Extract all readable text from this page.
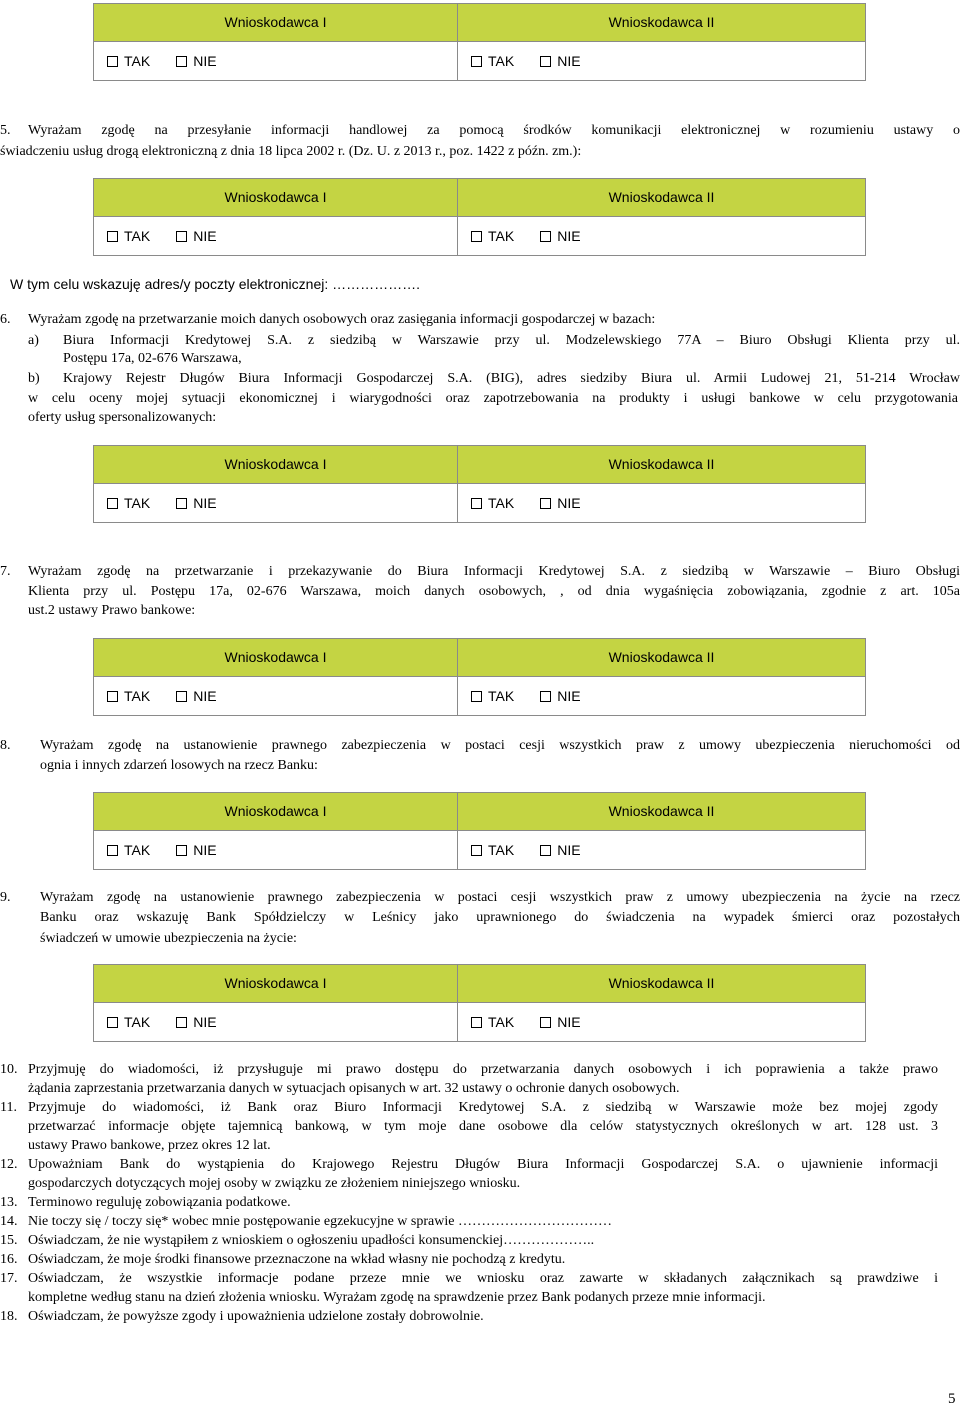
Wnioskodawca I	Wnioskodawca II
TAK	NIE	TAK	NIE
5. Wyrażam zgodę na przesyłanie informacji handlowej za pomocą środków komunikacji elektronicznej w rozumieniu ustawy o
świadczeniu usług drogą elektroniczną z dnia 18 lipca 2002 r. (Dz. U. z 2013 r., poz. 1422 z późn. zm.):
Wnioskodawca I	Wnioskodawca II
TAK	NIE	TAK	NIE
W tym celu wskazuję adres/y poczty elektronicznej: ……………….
6. Wyrażam zgodę na przetwarzanie moich danych osobowych oraz zasięgania informacji gospodarczej w bazach:
a) Biura Informacji Kredytowej S.A. z siedzibą w Warszawie przy ul. Modzelewskiego 77A – Biuro Obsługi Klienta przy ul.
Postępu 17a, 02-676 Warszawa,
b) Krajowy Rejestr Długów Biura Informacji Gospodarczej S.A. (BIG), adres siedziby Biura ul. Armii Ludowej 21, 51-214 Wrocław
w celu oceny mojej sytuacji ekonomicznej i wiarygodności oraz zapotrzebowania na produkty i usługi bankowe w celu przygotowania
oferty usług spersonalizowanych:
Wnioskodawca I	Wnioskodawca II
TAK	NIE	TAK	NIE
7. Wyrażam zgodę na przetwarzanie i przekazywanie do Biura Informacji Kredytowej S.A. z siedzibą w Warszawie – Biuro Obsługi
Klienta przy ul. Postępu 17a, 02-676 Warszawa, moich danych osobowych, , od dnia wygaśnięcia zobowiązania, zgodnie z art. 105a
ust.2 ustawy Prawo bankowe:
Wnioskodawca I	Wnioskodawca II
TAK	NIE	TAK	NIE
8. Wyrażam zgodę na ustanowienie prawnego zabezpieczenia w postaci cesji wszystkich praw z umowy ubezpieczenia nieruchomości od
ognia i innych zdarzeń losowych na rzecz Banku:
Wnioskodawca I	Wnioskodawca II
TAK	NIE	TAK	NIE
9. Wyrażam zgodę na ustanowienie prawnego zabezpieczenia w postaci cesji wszystkich praw z umowy ubezpieczenia na życie na rzecz
Banku oraz wskazuję Bank Spółdzielczy w Leśnicy jako uprawnionego do świadczenia na wypadek śmierci oraz pozostałych
świadczeń w umowie ubezpieczenia na życie:
Wnioskodawca I	Wnioskodawca II
TAK	NIE	TAK	NIE
10. Przyjmuję do wiadomości, iż przysługuje mi prawo dostępu do przetwarzania danych osobowych i ich poprawienia a także prawo
żądania zaprzestania przetwarzania danych w sytuacjach opisanych w art. 32 ustawy o ochronie danych osobowych.
11. Przyjmuje do wiadomości, iż Bank oraz Biuro Informacji Kredytowej S.A. z siedzibą w Warszawie może bez mojej zgody
przetwarzać informacje objęte tajemnicą bankową, w tym moje dane osobowe dla celów statystycznych określonych w art. 128 ust. 3
ustawy Prawo bankowe, przez okres 12 lat.
12. Upoważniam Bank do wystąpienia do Krajowego Rejestru Długów Biura Informacji Gospodarczej S.A. o ujawnienie informacji
gospodarczych dotyczących mojej osoby w związku ze złożeniem niniejszego wniosku.
13. Terminowo reguluję zobowiązania podatkowe.
14. Nie toczy się / toczy się* wobec mnie postępowanie egzekucyjne w sprawie ……………………………
15. Oświadczam, że nie wystąpiłem z wnioskiem o ogłoszeniu upadłości konsumenckiej………………..
16. Oświadczam, że moje środki finansowe przeznaczone na wkład własny nie pochodzą z kredytu.
17. Oświadczam, że wszystkie informacje podane przeze mnie we wniosku oraz zawarte w składanych załącznikach są prawdziwe i
kompletne według stanu na dzień złożenia wniosku. Wyrażam zgodę na sprawdzenie przez Bank podanych przeze mnie informacji.
18. Oświadczam, że powyższe zgody i upoważnienia udzielone zostały dobrowolnie.
5
